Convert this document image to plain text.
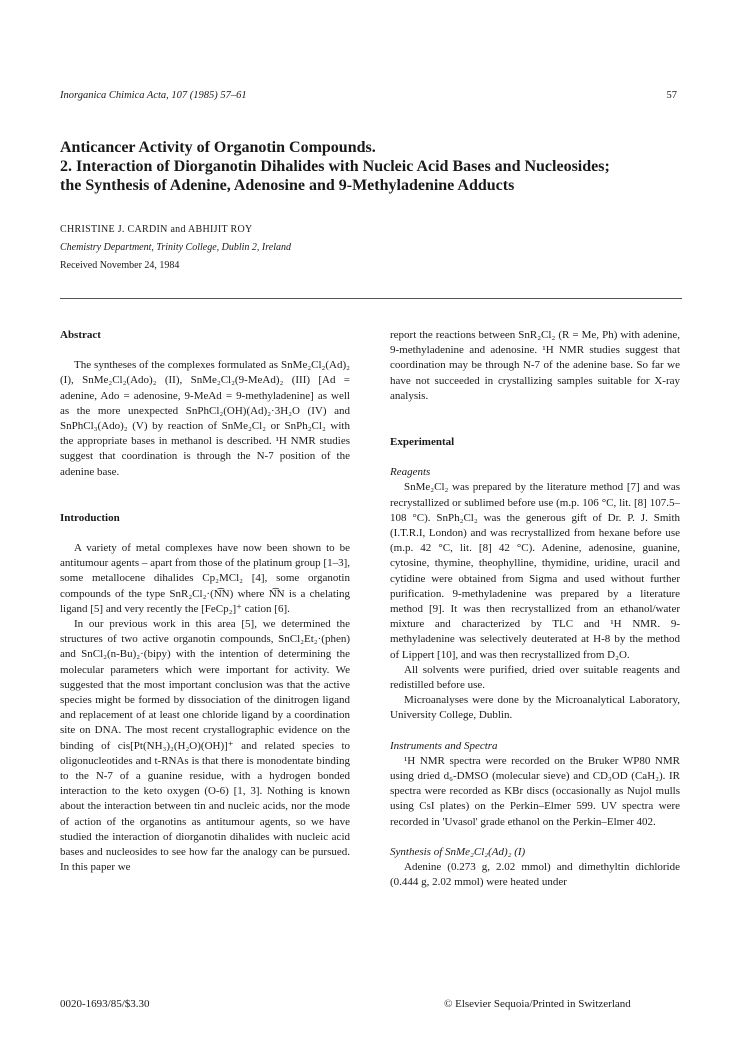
Inorganica Chimica Acta, 107 (1985) 57–61	57
Anticancer Activity of Organotin Compounds.
2. Interaction of Diorganotin Dihalides with Nucleic Acid Bases and Nucleosides;
the Synthesis of Adenine, Adenosine and 9-Methyladenine Adducts
CHRISTINE J. CARDIN and ABHIJIT ROY
Chemistry Department, Trinity College, Dublin 2, Ireland
Received November 24, 1984
Abstract

The syntheses of the complexes formulated as SnMe₂Cl₂(Ad)₂ (I), SnMe₂Cl₂(Ado)₂ (II), SnMe₂Cl₂(9-MeAd)₂ (III) [Ad = adenine, Ado = adenosine, 9-MeAd = 9-methyladenine] as well as the more unexpected SnPhCl₂(OH)(Ad)₂·3H₂O (IV) and SnPhCl₃(Ado)₂ (V) by reaction of SnMe₂Cl₂ or SnPh₂Cl₂ with the appropriate bases in methanol is described. ¹H NMR studies suggest that coordination is through the N-7 position of the adenine base.

Introduction

A variety of metal complexes have now been shown to be antitumour agents – apart from those of the platinum group [1–3], some metallocene dihalides Cp₂MCl₂ [4], some organotin compounds of the type SnR₂Cl₂·(N͡N) where N͡N is a chelating ligand [5] and very recently the [FeCp₂]⁺ cation [6].

In our previous work in this area [5], we determined the structures of two active organotin compounds, SnCl₂Et₂·(phen) and SnCl₂(n-Bu)₂·(bipy) with the intention of determining the molecular parameters which were important for activity. We suggested that the most important conclusion was that the active species might be formed by dissociation of the dinitrogen ligand and replacement of at least one chloride ligand by a coordination site on DNA. The most recent crystallographic evidence on the binding of cis[Pt(NH₃)₂(H₂O)(OH)]⁺ and related species to oligonucleotides and t-RNAs is that there is monodentate binding to the N-7 of a guanine residue, with a hydrogen bonded interaction to the keto oxygen (O-6) [1, 3]. Nothing is known about the interaction between tin and nucleic acids, nor the mode of action of the organotins as antitumour agents, so we have studied the interaction of diorganotin dihalides with nucleic acid bases and nucleosides to see how far the analogy can be pursued. In this paper we

report the reactions between SnR₂Cl₂ (R = Me, Ph) with adenine, 9-methyladenine and adenosine. ¹H NMR studies suggest that coordination may be through N-7 of the adenine base. So far we have not succeeded in crystallizing samples suitable for X-ray analysis.

Experimental
Reagents

SnMe₂Cl₂ was prepared by the literature method [7] and was recrystallized or sublimed before use (m.p. 106 °C, lit. [8] 107.5–108 °C). SnPh₂Cl₂ was the generous gift of Dr. P. J. Smith (I.T.R.I, London) and was recrystallized from hexane before use (m.p. 42 °C, lit. [8] 42 °C). Adenine, adenosine, guanine, cytosine, thymine, theophylline, thymidine, uridine, uracil and cytidine were obtained from Sigma and used without further purification. 9-methyladenine was prepared by a literature method [9]. It was then recrystallized from an ethanol/water mixture and characterized by TLC and ¹H NMR. 9-methyladenine was selectively deuterated at H-8 by the method of Lippert [10], and was then recrystallized from D₂O.

All solvents were purified, dried over suitable reagents and redistilled before use.

Microanalyses were done by the Microanalytical Laboratory, University College, Dublin.

Instruments and Spectra

¹H NMR spectra were recorded on the Bruker WP80 NMR using dried d₆-DMSO (molecular sieve) and CD₃OD (CaH₂). IR spectra were recorded as KBr discs (occasionally as Nujol mulls using CsI plates) on the Perkin–Elmer 599. UV spectra were recorded in 'Uvasol' grade ethanol on the Perkin–Elmer 402.

Synthesis of SnMe₂Cl₂(Ad)₂ (I)

Adenine (0.273 g, 2.02 mmol) and dimethyltin dichloride (0.444 g, 2.02 mmol) were heated under

0020-1693/85/$3.30	© Elsevier Sequoia/Printed in Switzerland
